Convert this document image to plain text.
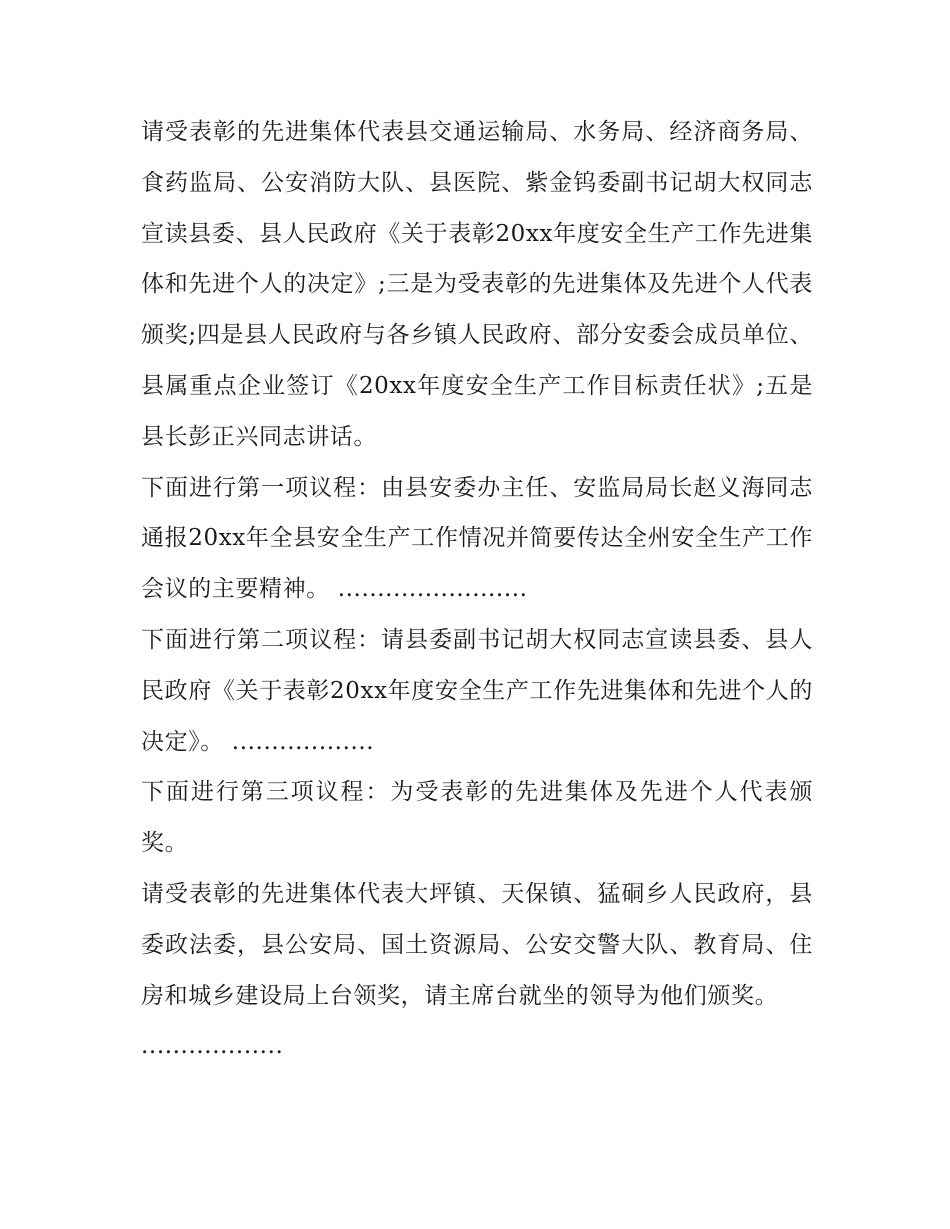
请受表彰的先进集体代表县交通运输局、水务局、经济商务局、食药监局、公安消防大队、县医院、紫金钨委副书记胡大权同志宣读县委、县人民政府《关于表彰20xx年度安全生产工作先进集体和先进个人的决定》;三是为受表彰的先进集体及先进个人代表颁奖;四是县人民政府与各乡镇人民政府、部分安委会成员单位、县属重点企业签订《20xx年度安全生产工作目标责任状》;五是县长彭正兴同志讲话。

下面进行第一项议程：由县安委办主任、安监局局长赵义海同志通报20xx年全县安全生产工作情况并简要传达全州安全生产工作会议的主要精神。 ........................

下面进行第二项议程：请县委副书记胡大权同志宣读县委、县人民政府《关于表彰20xx年度安全生产工作先进集体和先进个人的决定》。 ..................

下面进行第三项议程：为受表彰的先进集体及先进个人代表颁奖。

请受表彰的先进集体代表大坪镇、天保镇、猛硐乡人民政府，县委政法委，县公安局、国土资源局、公安交警大队、教育局、住房和城乡建设局上台领奖，请主席台就坐的领导为他们颁奖。

..................
